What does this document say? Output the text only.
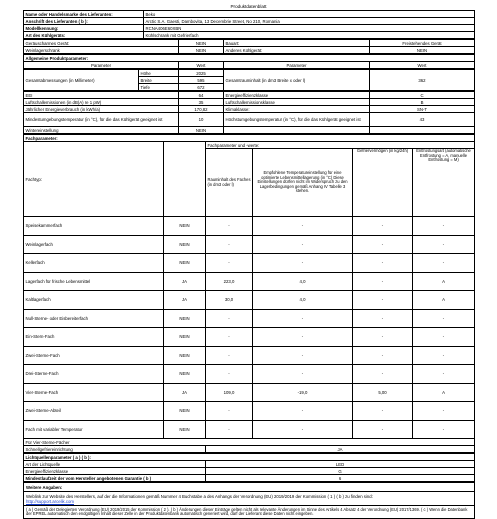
Produktdatenblatt
Name oder Handelsmarke des Lieferanten:	Beko
Anschrift des Lieferanten ( b ):	Arctic S.A. Gaesti, Dambovita, 13 Decembrie Street, No 210, Romania
Modellkennung:	RCNA406E60XBN
Art des Kühlgeräts:	Kühlschrank mit Gefrierfach
Geräuscharmes Gerät:	NEIN	Bauart:	Freistehendes Gerät
Weinlagerschrank	NEIN	Anderes Kühlgerät:	NEIN
Allgemeine Produktparameter:
Parameter	Wert	Parameter	Wert
Gesamtabmessungen (in Millimeter)	Höhe	2025	Gesamtrauminhalt (in dm3 Breite x oder l)	362
	Breite	595		
	Tiefe	672		
EEI	64	Energieeffizienzklasse	C
Luftschallemissionen (in dB(A) re 1 pW)	35	Luftschallemissionsklasse	B
Jährlicher Energieverbrauch (in kWh/a)	170,82	Klimaklasse:	SN-T
Mindestumgebungstemperatur (in °C), für die das Kühlgerät geeignet ist	10	Höchstumgebungstemperatur (in °C), für die das Kühlgerät geeignet ist	43
Wintereinstellung	NEIN		
Fachparameter:					
Fachtyp:		Fachparameter und -werte:			
		Rauminhalt des Faches (in dm3 oder l)	Empfohlene Temperatureinstellung für eine optimierte Lebensmittellagerung (in °C) Diese Einstellungen dürfen nicht im Widerspruch zu den Lagerbedingungen gemäß Anhang IV Tabelle 3 stehen.	Gefriervermögen (in kg/24h)	Entfrostungsart (automatische Entfrostung = A, manuelle Entfrostung = M)
Speisekammerfach	NEIN	-	-	-	-
Weinlagerfach	NEIN	-	-	-	-
Kellerfach	NEIN	-	-	-	-
Lagerfach für frische Lebensmittel	JA	223,0	4,0	-	A
Kaltlagerfach	JA	30,0	4,0	-	A
Null-Sterne- oder Eisbereiterfach	NEIN	-	-	-	-
Ein-Stern-Fach	NEIN	-	-	-	-
Zwei-Sterne-Fach	NEIN	-	-	-	-
Drei-Sterne-Fach	NEIN	-	-	-	-
Vier-Sterne-Fach	JA	109,0	-19,0	5,00	A
Zwei-Sterne-Abteil	NEIN	-	-	-	-
Fach mit variabler Temperatur	NEIN	-	-	-	-
Für Vier-Sterne-Fächer					
Schnellgefriereinrichtung		JA			
Lichtquellenparameter ( a ) ( b ):	
Art der Lichtquelle	LED
Energieeffizienzklasse	G
Mindestlaufzeit der vom Hersteller angebotenen Garantie ( b )	6
Weitere Angaben:

Weblink zur Website des Herstellers, auf der die Informationen gemäß Nummer 4 Buchstabe a des Anhangs der Verordnung (EU) 2019/2019 der Kommission ( 1 ) ( b ) zu finden sind:
http://support.arcelik.com

( a ) Gemäß der Delegierten Verordnung (EU) 2019/2015 der Kommission ( 2 ). ( b ) Änderungen dieser Einträge gelten nicht als relevante Änderungen im Sinne des Artikels 4 Absatz 4 der Verordnung (EU) 2017/1369. ( c ) Wenn die Datenbank der EPREL automatisch den endgültigen Inhalt dieser Zelle in der Produktdatenbank automatisch generiert wird, darf der Lieferant diese Daten nicht eingeben.
